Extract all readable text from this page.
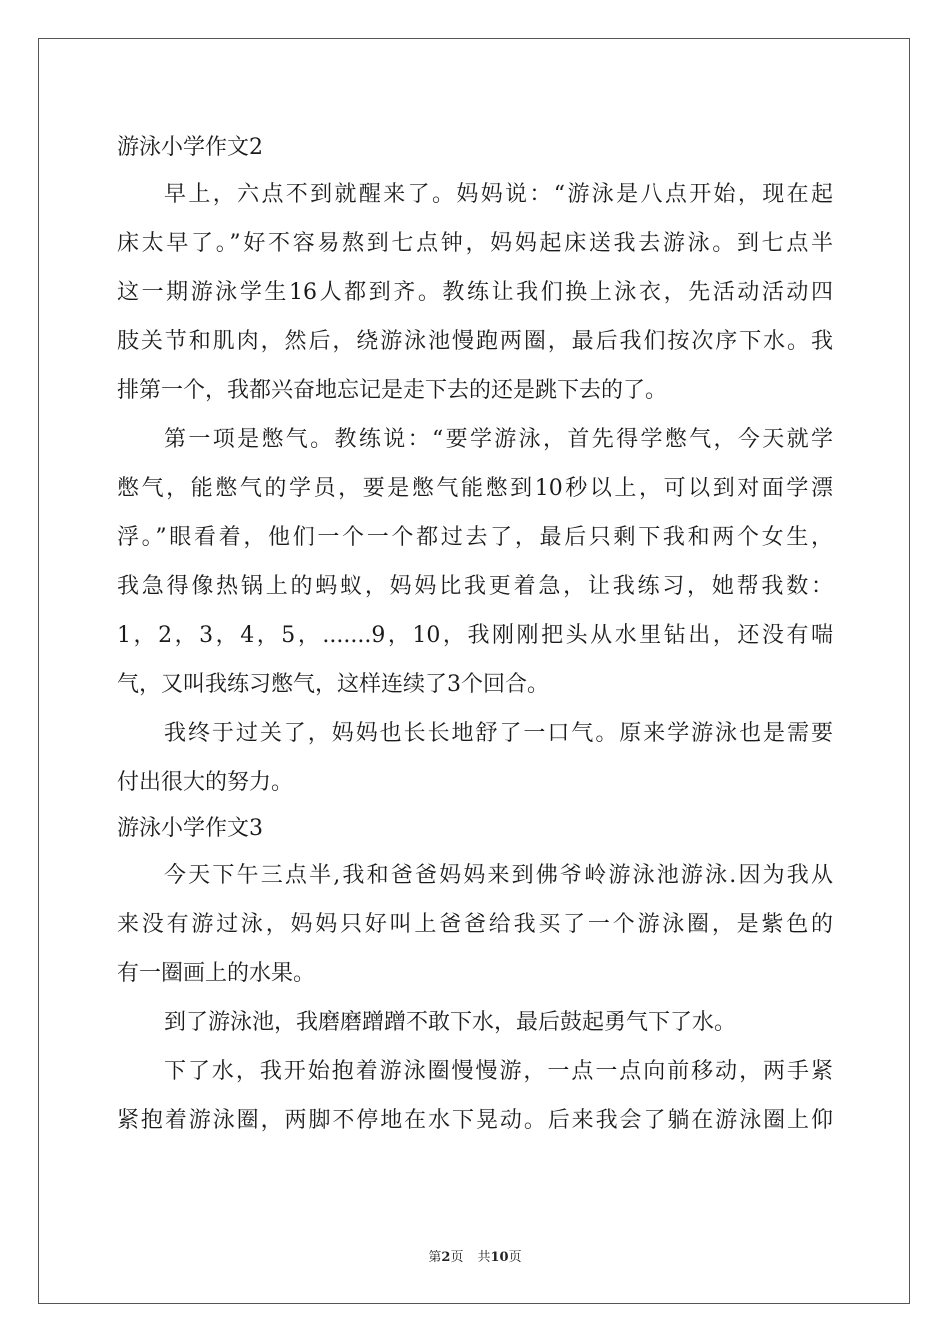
游泳小学作文2
早上，六点不到就醒来了。妈妈说：“游泳是八点开始，现在起
床太早了。”好不容易熬到七点钟，妈妈起床送我去游泳。到七点半
这一期游泳学生16人都到齐。教练让我们换上泳衣，先活动活动四
肢关节和肌肉，然后，绕游泳池慢跑两圈，最后我们按次序下水。我
排第一个，我都兴奋地忘记是走下去的还是跳下去的了。
第一项是憋气。教练说：“要学游泳，首先得学憋气，今天就学
憋气，能憋气的学员，要是憋气能憋到10秒以上，可以到对面学漂
浮。”眼看着，他们一个一个都过去了，最后只剩下我和两个女生，
我急得像热锅上的蚂蚁，妈妈比我更着急，让我练习，她帮我数：
1，2，3，4，5，.......9，10，我刚刚把头从水里钻出，还没有喘
气，又叫我练习憋气，这样连续了3个回合。
我终于过关了，妈妈也长长地舒了一口气。原来学游泳也是需要
付出很大的努力。
游泳小学作文3
今天下午三点半,我和爸爸妈妈来到佛爷岭游泳池游泳.因为我从
来没有游过泳，妈妈只好叫上爸爸给我买了一个游泳圈，是紫色的
有一圈画上的水果。
到了游泳池，我磨磨蹭蹭不敢下水，最后鼓起勇气下了水。
下了水，我开始抱着游泳圈慢慢游，一点一点向前移动，两手紧
紧抱着游泳圈，两脚不停地在水下晃动。后来我会了躺在游泳圈上仰
第2页 共10页
